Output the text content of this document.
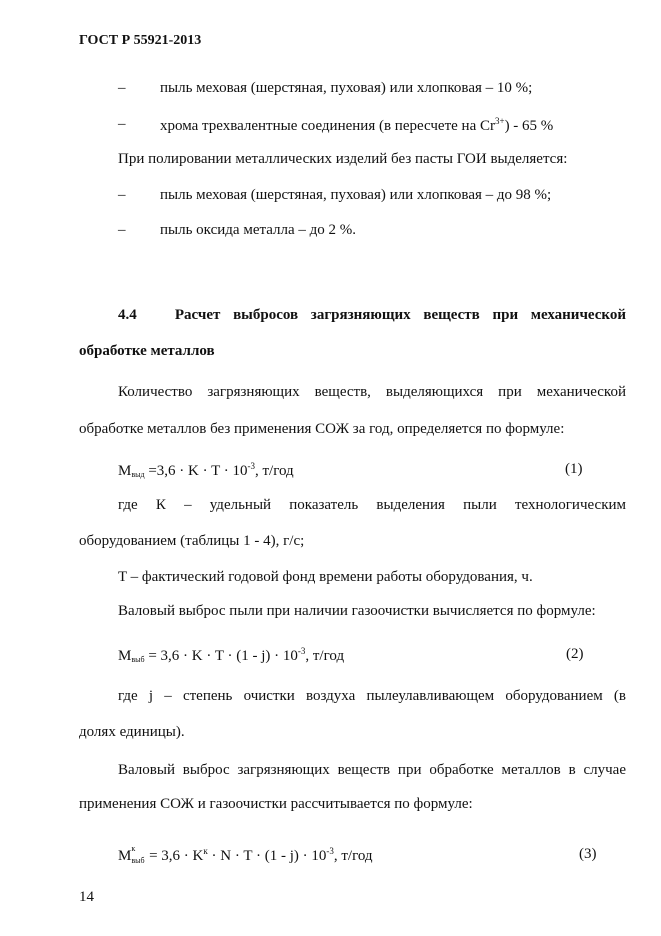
ГОСТ Р 55921-2013
– пыль меховая (шерстяная, пуховая) или хлопковая – 10 %;
– хрома трехвалентные соединения (в пересчете на $Cr^{3+}) - 65$ %
При полировании металлических изделий без пасты ГОИ выделяется:
– пыль меховая (шерстяная, пуховая) или хлопковая – до 98 %;
– пыль оксида металла – до 2 %.
4.4	Расчет выбросов загрязняющих веществ при механической
обработке металлов
Количество загрязняющих веществ, выделяющихся при механической
обработке металлов без применения СОЖ за год, определяется по формуле:
$M_{выд} =3,6 \cdot K \cdot T \cdot 10^{-3}$, т/год	(1)
где К – удельный показатель выделения пыли технологическим
оборудованием (таблицы 1 - 4), г/с;
T – фактический годовой фонд времени работы оборудования, ч.
Валовый выброс пыли при наличии газоочистки вычисляется по формуле:
$M_{выб} = 3,6 \cdot K \cdot T \cdot (1 - j) \cdot 10^{-3}$, т/год	(2)
где j – степень очистки воздуха пылеулавливающем оборудованием (в
долях единицы).
Валовый выброс загрязняющих веществ при обработке металлов в случае
применения СОЖ и газоочистки рассчитывается по формуле:
M к
выб = $3,6 \cdot K^к \cdot N \cdot T \cdot (1 - j) \cdot 10^{-3}$, т/год	(3)
14
